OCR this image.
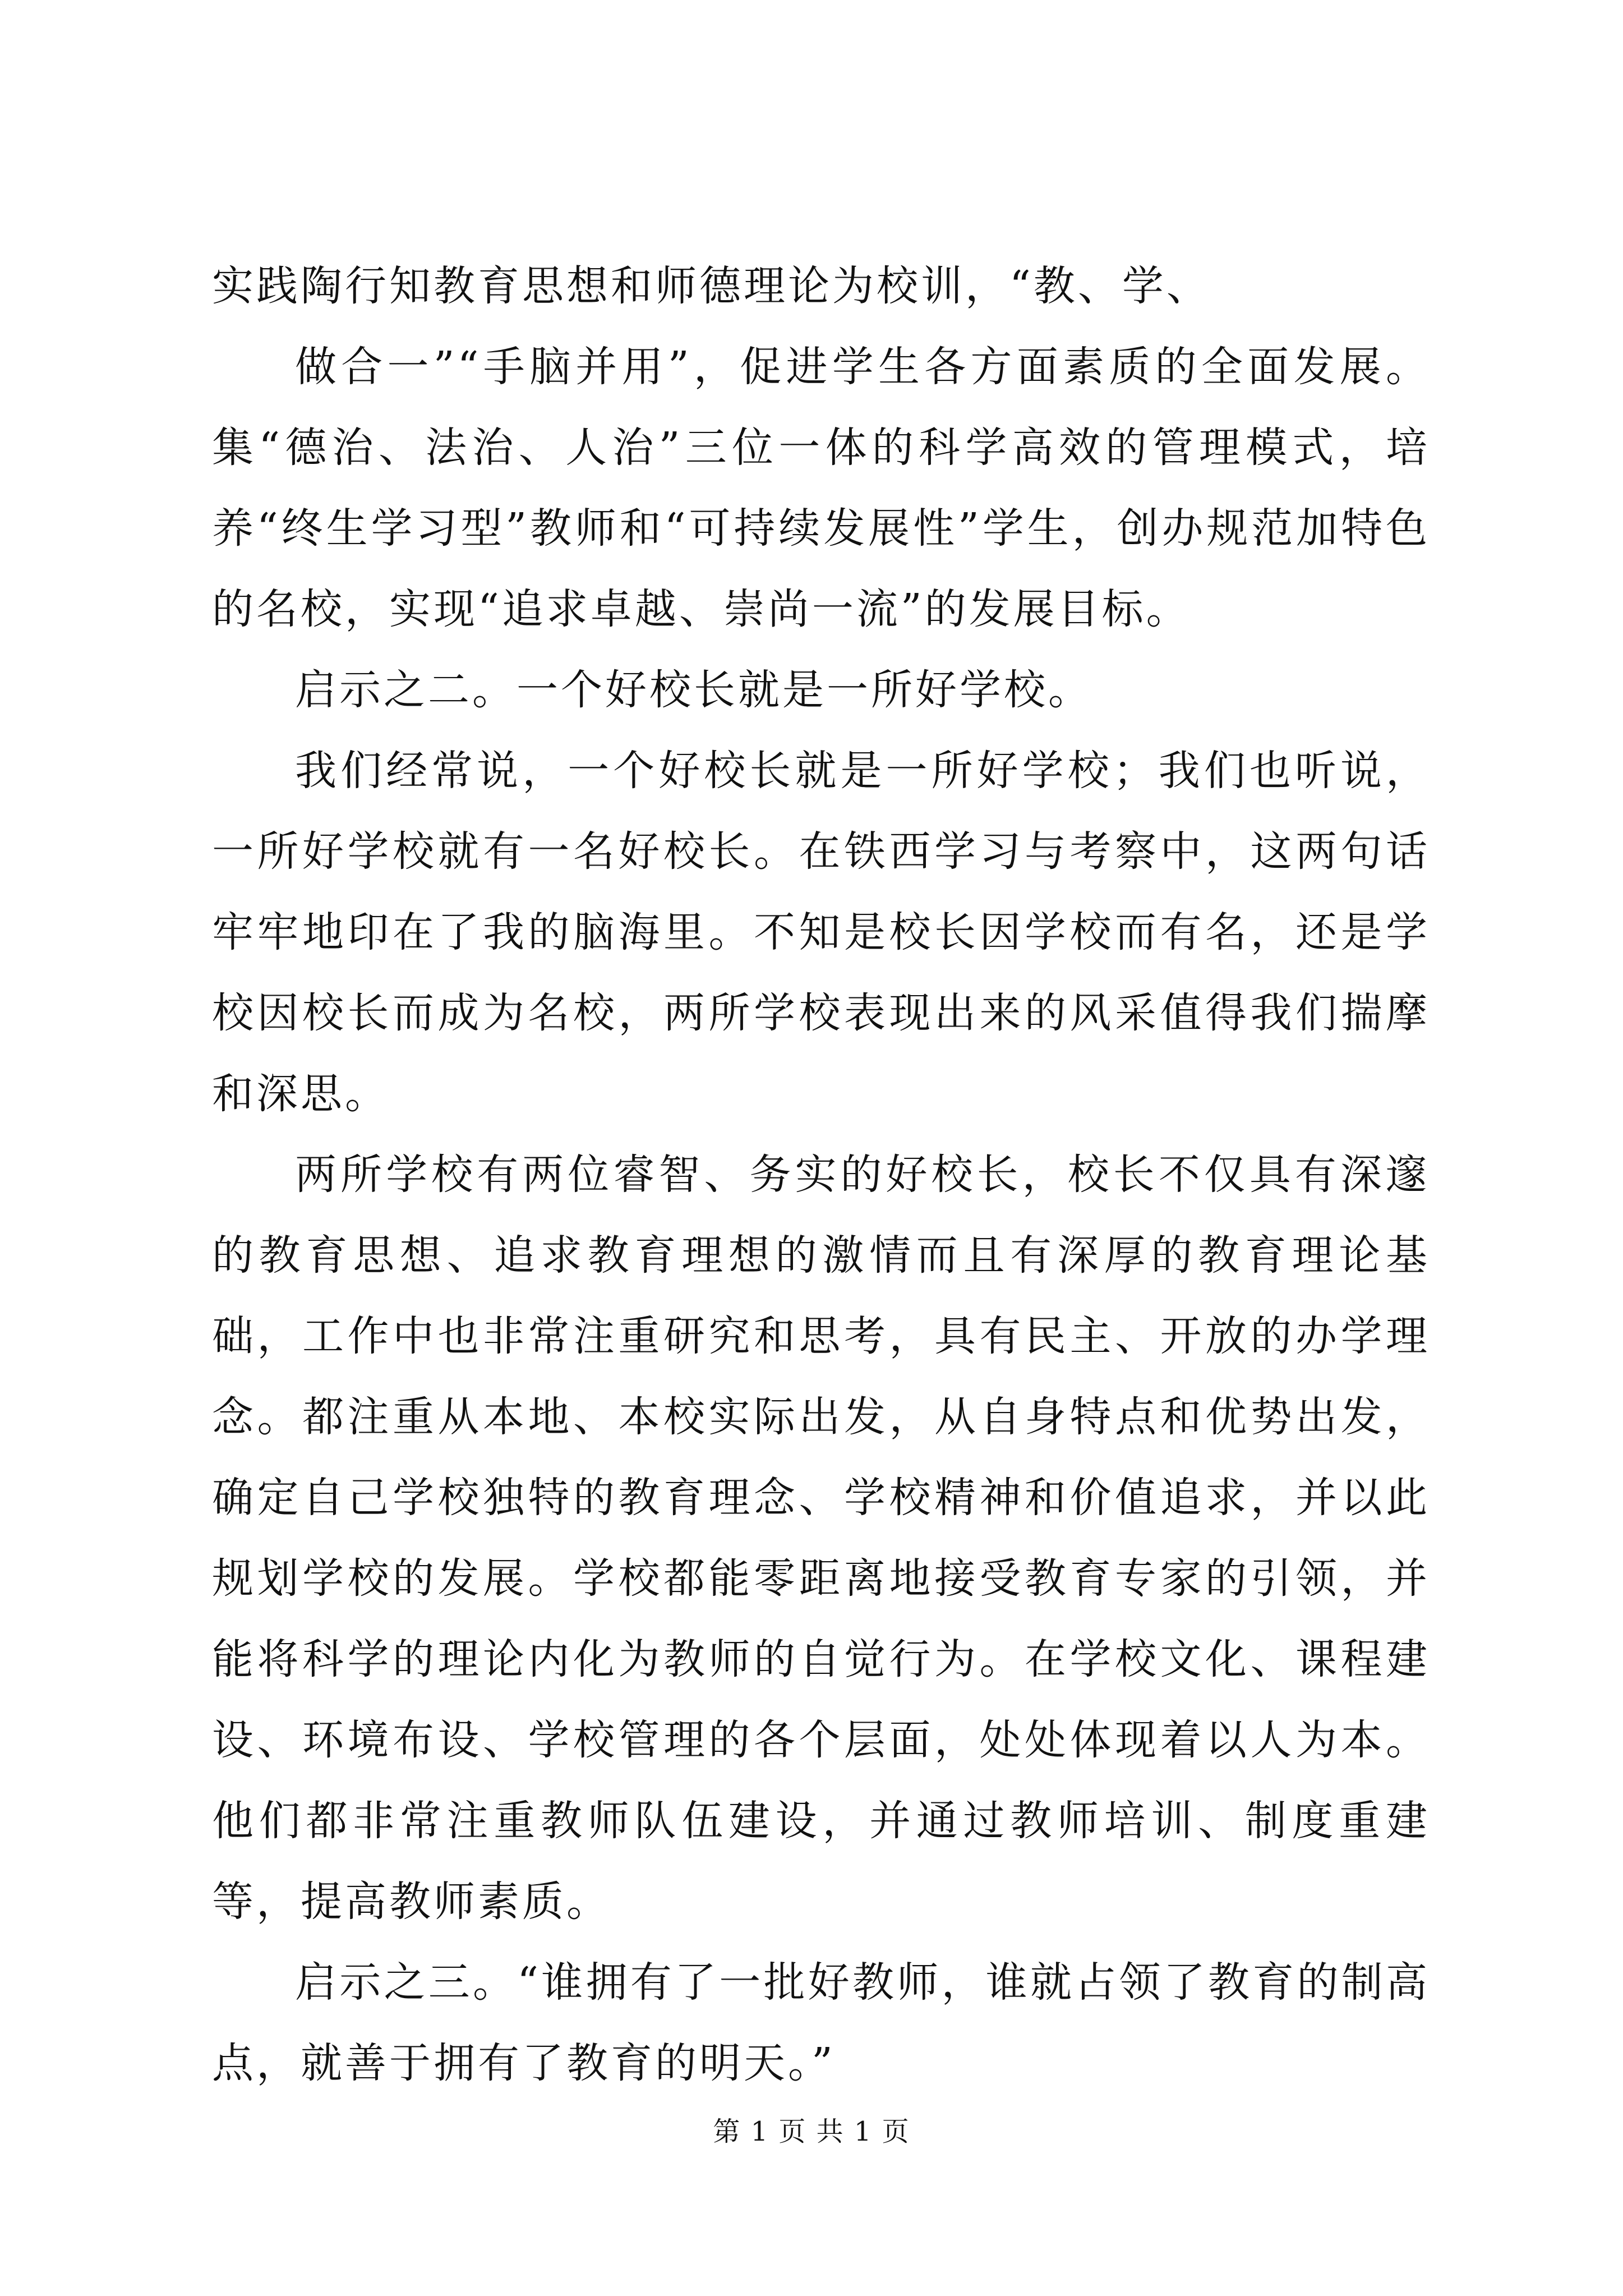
实践陶行知教育思想和师德理论为校训，“教、学、

做合一”“手脑并用”，促进学生各方面素质的全面发展。集“德治、法治、人治”三位一体的科学高效的管理模式，培养“终生学习型”教师和“可持续发展性”学生，创办规范加特色的名校，实现“追求卓越、崇尚一流”的发展目标。

启示之二。一个好校长就是一所好学校。

我们经常说，一个好校长就是一所好学校；我们也听说，一所好学校就有一名好校长。在铁西学习与考察中，这两句话牢牢地印在了我的脑海里。不知是校长因学校而有名，还是学校因校长而成为名校，两所学校表现出来的风采值得我们揣摩和深思。

两所学校有两位睿智、务实的好校长，校长不仅具有深邃的教育思想、追求教育理想的激情而且有深厚的教育理论基础，工作中也非常注重研究和思考，具有民主、开放的办学理念。都注重从本地、本校实际出发，从自身特点和优势出发，确定自己学校独特的教育理念、学校精神和价值追求，并以此规划学校的发展。学校都能零距离地接受教育专家的引领，并能将科学的理论内化为教师的自觉行为。在学校文化、课程建设、环境布设、学校管理的各个层面，处处体现着以人为本。他们都非常注重教师队伍建设，并通过教师培训、制度重建等，提高教师素质。

启示之三。“谁拥有了一批好教师，谁就占领了教育的制高点，就善于拥有了教育的明天。”

第 1 页 共 1 页
